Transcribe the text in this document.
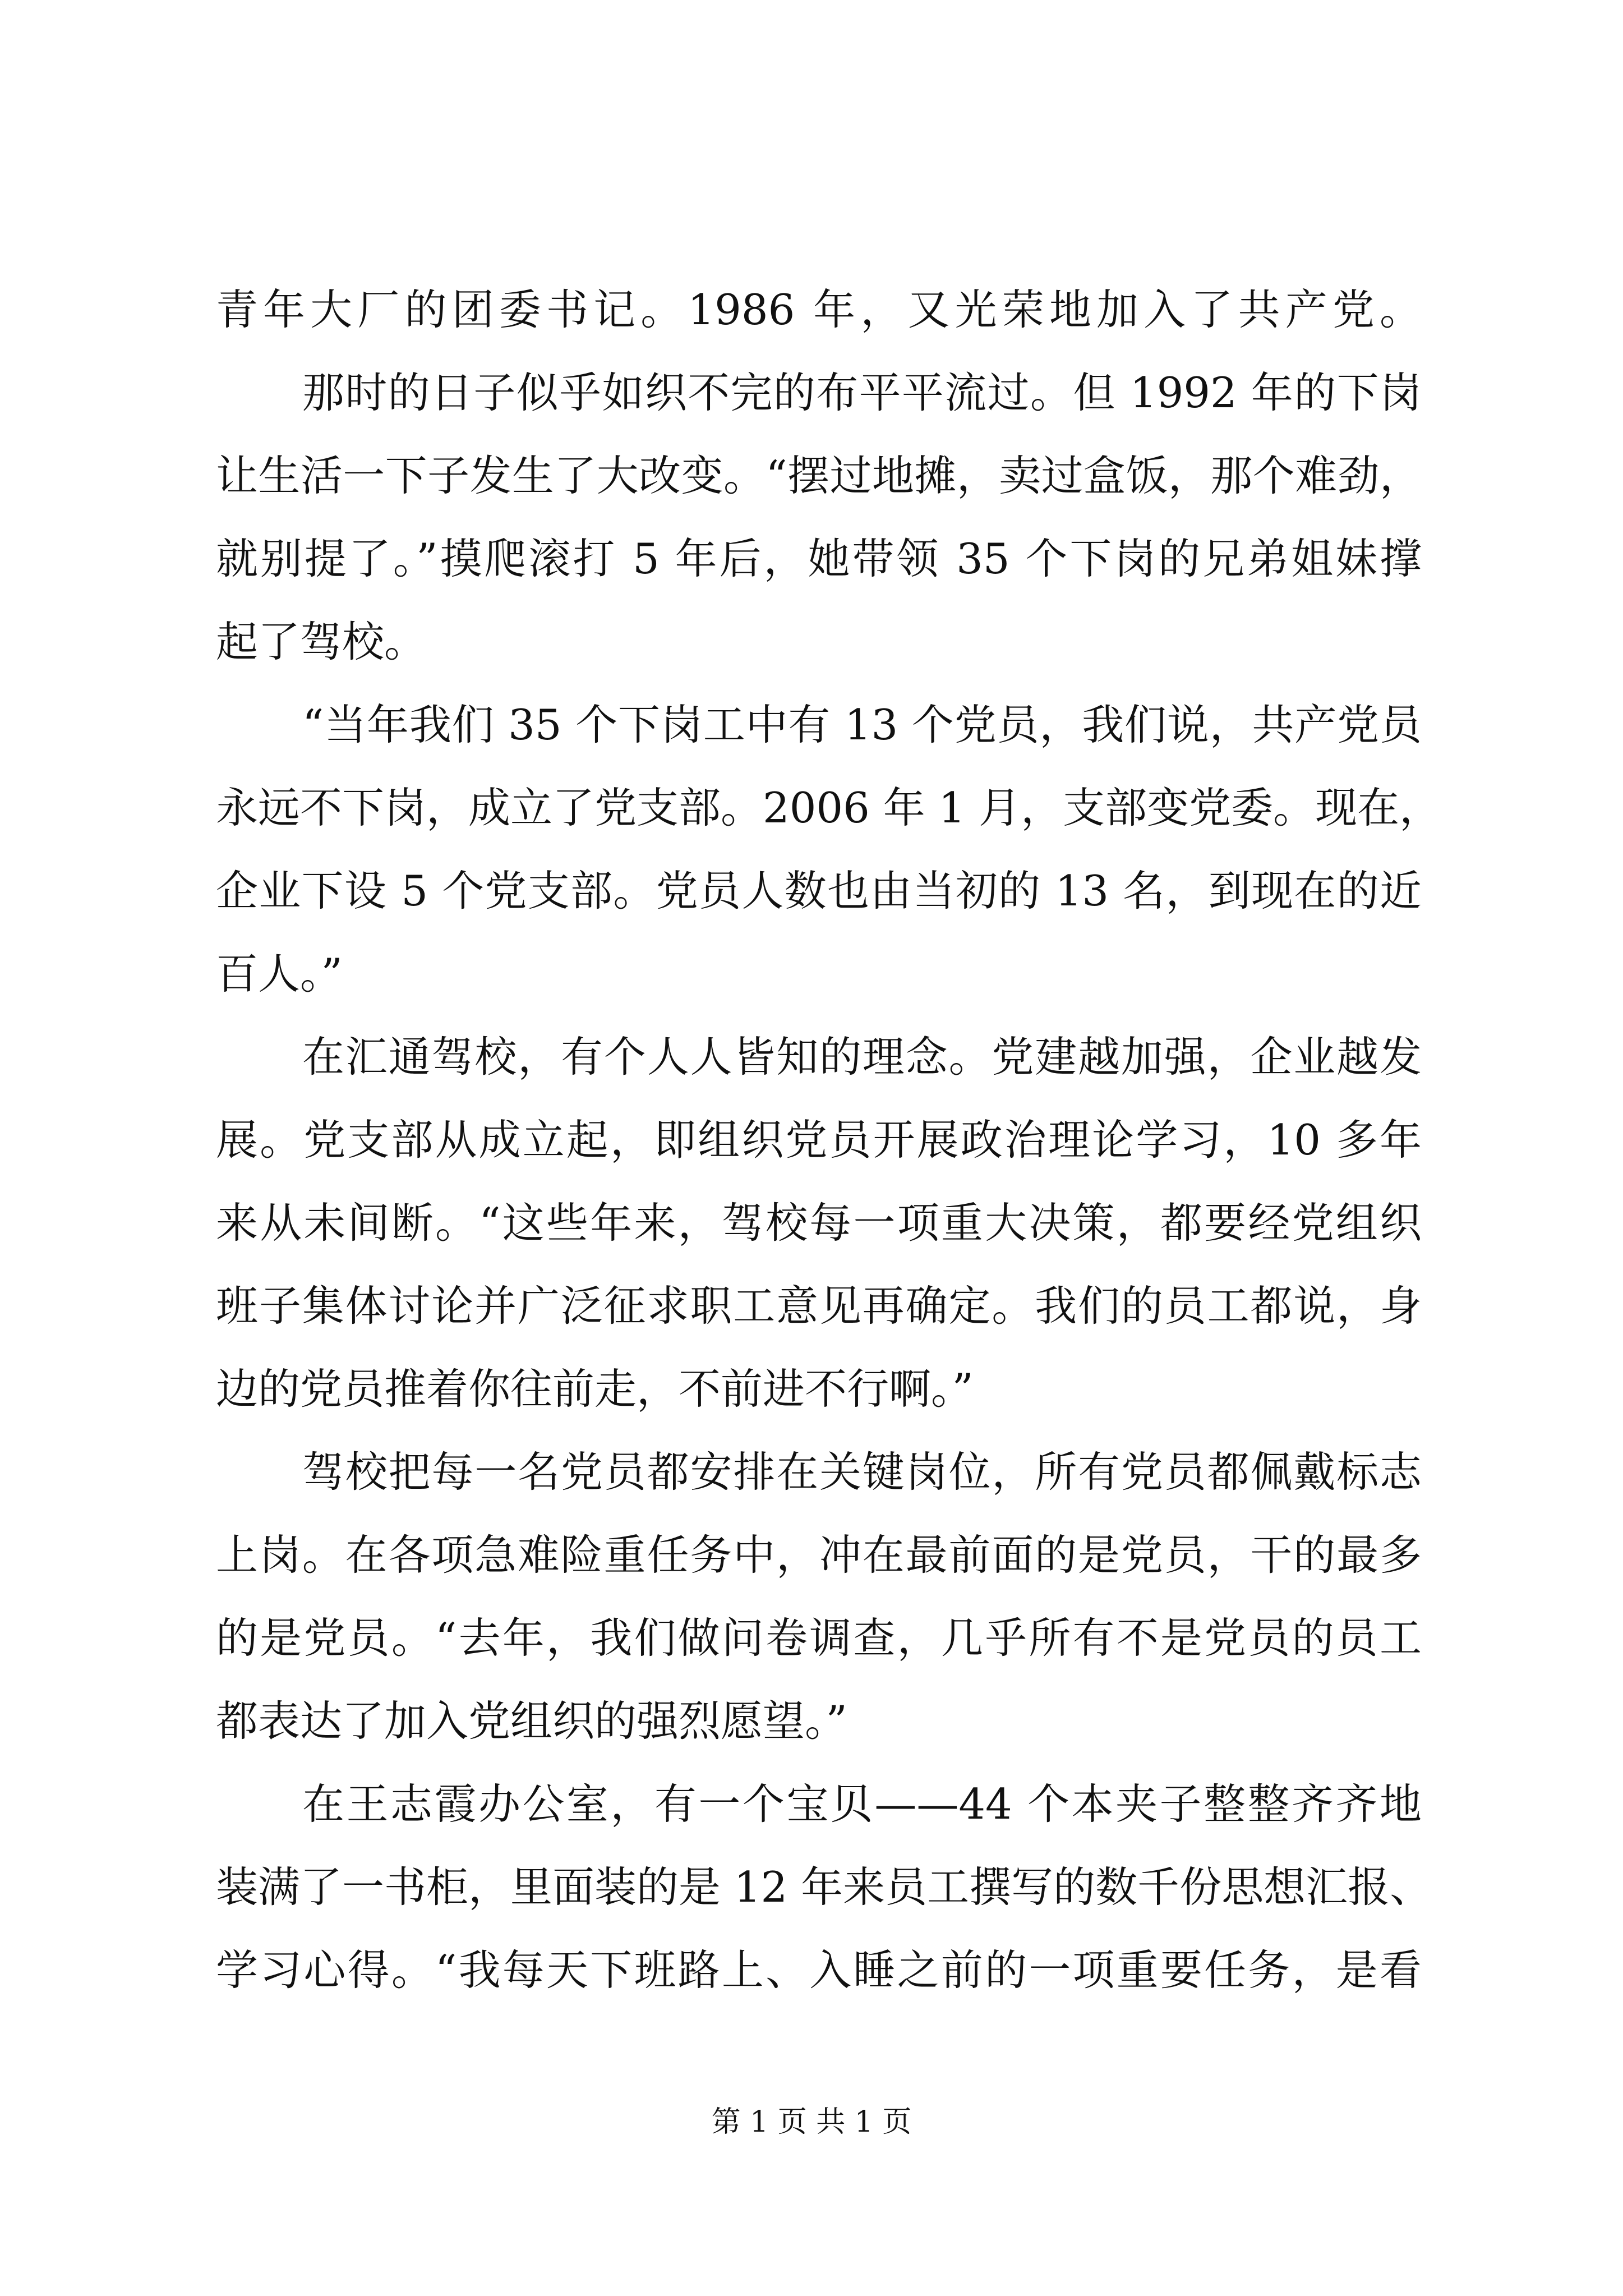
青年大厂的团委书记。1986 年，又光荣地加入了共产党。
那时的日子似乎如织不完的布平平流过。但 1992 年的下岗
让生活一下子发生了大改变。“摆过地摊，卖过盒饭，那个难劲，
就别提了。”摸爬滚打 5 年后，她带领 35 个下岗的兄弟姐妹撑
起了驾校。
“当年我们 35 个下岗工中有 13 个党员，我们说，共产党员
永远不下岗，成立了党支部。2006 年 1 月，支部变党委。现在，
企业下设 5 个党支部。党员人数也由当初的 13 名，到现在的近
百人。”
在汇通驾校，有个人人皆知的理念。党建越加强，企业越发
展。党支部从成立起，即组织党员开展政治理论学习，10 多年
来从未间断。“这些年来，驾校每一项重大决策，都要经党组织
班子集体讨论并广泛征求职工意见再确定。我们的员工都说，身
边的党员推着你往前走，不前进不行啊。”
驾校把每一名党员都安排在关键岗位，所有党员都佩戴标志
上岗。在各项急难险重任务中，冲在最前面的是党员，干的最多
的是党员。“去年，我们做问卷调查，几乎所有不是党员的员工
都表达了加入党组织的强烈愿望。”
在王志霞办公室，有一个宝贝——44 个本夹子整整齐齐地
装满了一书柜，里面装的是 12 年来员工撰写的数千份思想汇报、
学习心得。“我每天下班路上、入睡之前的一项重要任务，是看
第 1 页 共 1 页
